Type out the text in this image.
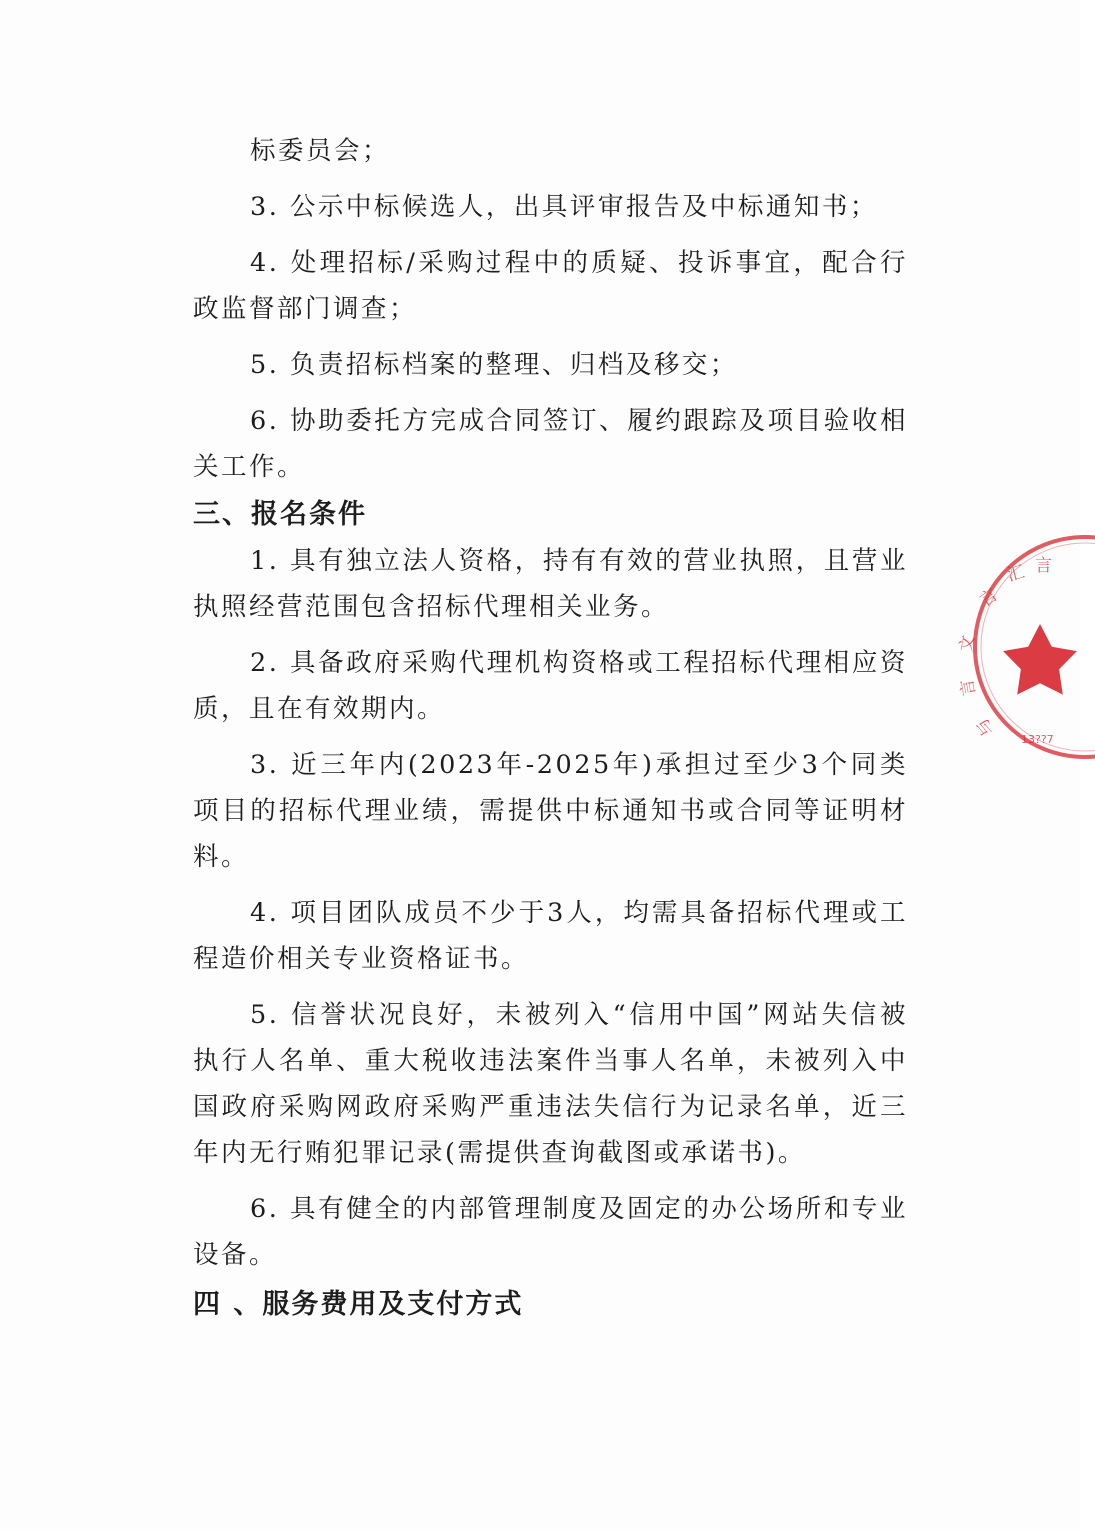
标委员会；

3. 公示中标候选人，出具评审报告及中标通知书；

4. 处理招标/采购过程中的质疑、投诉事宜，配合行政监督部门调查；

5. 负责招标档案的整理、归档及移交；

6. 协助委托方完成合同签订、履约跟踪及项目验收相关工作。

三、报名条件

1. 具有独立法人资格，持有有效的营业执照，且营业执照经营范围包含招标代理相关业务。

2. 具备政府采购代理机构资格或工程招标代理相应资质，且在有效期内。

3. 近三年内(2023年-2025年)承担过至少3个同类项目的招标代理业绩，需提供中标通知书或合同等证明材料。

4. 项目团队成员不少于3人，均需具备招标代理或工程造价相关专业资格证书。

5. 信誉状况良好，未被列入“信用中国”网站失信被执行人名单、重大税收违法案件当事人名单，未被列入中国政府采购网政府采购严重违法失信行为记录名单，近三年内无行贿犯罪记录(需提供查询截图或承诺书)。

6. 具有健全的内部管理制度及固定的办公场所和专业设备。

四 、服务费用及支付方式
言
汇 言
文
言
与 13??7
